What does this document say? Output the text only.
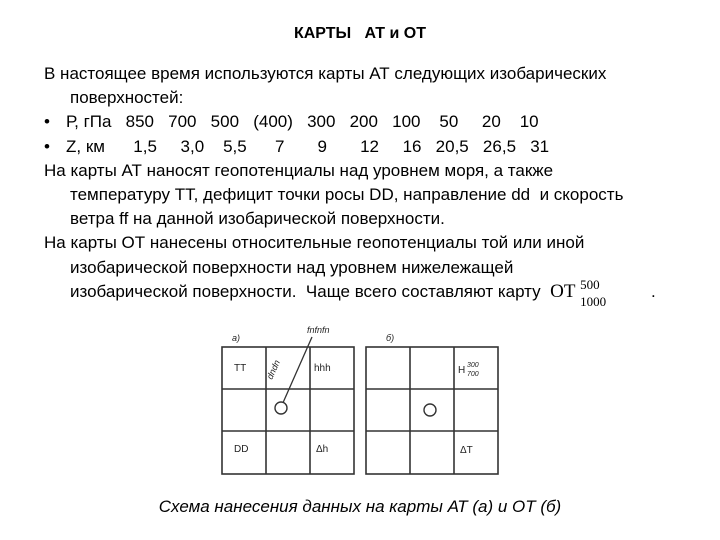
КАРТЫ   АТ и ОТ
В настоящее время используются карты АТ следующих изобарических
поверхностей:
• Р, гПа   850   700   500   (400)   300   200   100    50     20    10
• Z, км      1,5     3,0    5,5      7       9       12     16   20,5   26,5   31
На карты АТ наносят геопотенциалы над уровнем моря, а также
температуру ТТ, дефицит точки росы DD, направление dd  и скорость
ветра ff на данной изобарической поверхности.
На карты ОТ нанесены относительные геопотенциалы той или иной
изобарической поверхности над уровнем нижележащей
изобарической поверхности.  Чаще всего составляют карту ОТ 500
1000
.
а)
fnfnfn
dndn
ТТ	hhh
DD	Δh
б)
Н 300
700
ΔT
Схема нанесения данных на карты АТ (а) и ОТ (б)
